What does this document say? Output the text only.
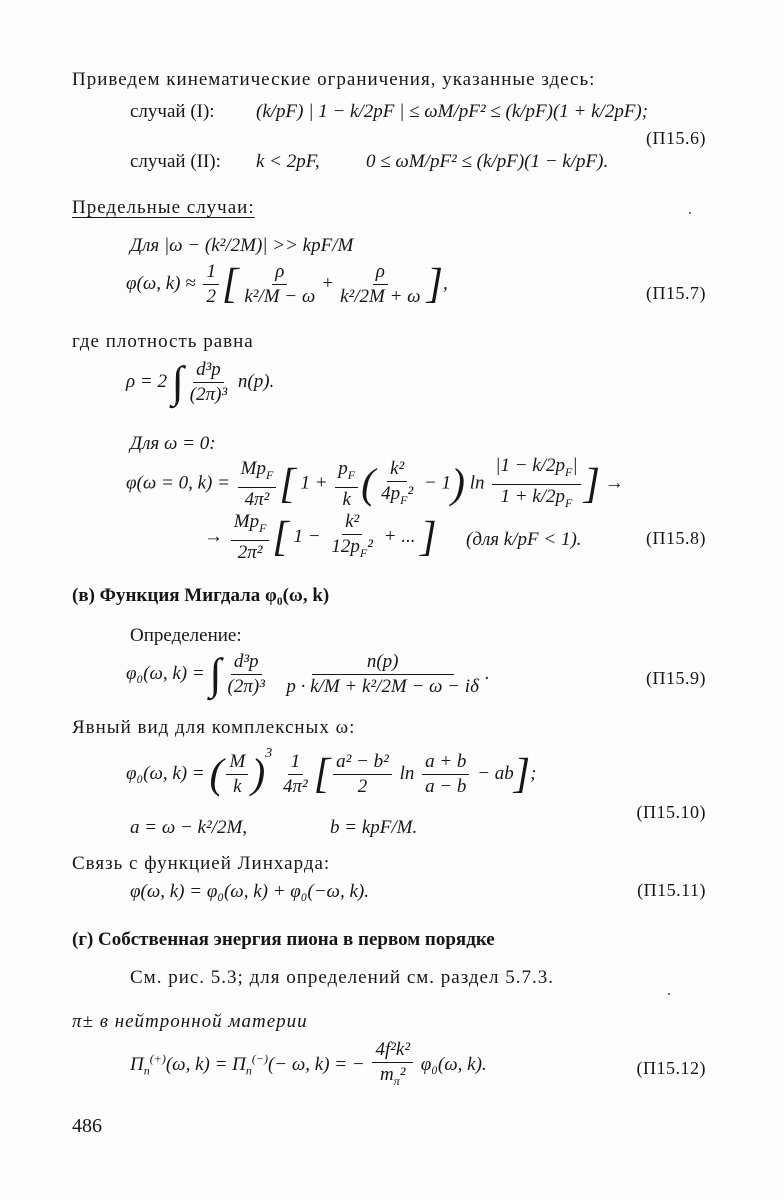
Приведем кинематические ограничения, указанные здесь:
случай (I): (k/pF) | 1 − k/2pF | ≤ ωM/pF² ≤ (k/pF)(1 + k/2pF);
(П15.6)
случай (II): k < 2pF, 0 ≤ ωM/pF² ≤ (k/pF)(1 − k/pF).
Предельные случаи:
Для |ω − (k²/2M)| >> kpF/M
φ(ω, $k) \approx \frac{1}{2}$ [ $\frac{\rho}{\text{k²/M − ω}} + \frac{\rho}{\text{k²/2M + ω}}$ ],	(П15.7)
где плотность равна
ρ = 2 ∫ $\frac{\text{d³p}}{\text{(2π)³}} n(p)$.
Для ω = 0:
φ(ω = 0, $k) = \frac{Mp_F}{\text{4π²}}$ [ $1 + \frac{p_F}{k}$ ( $\frac{\text{k²}}{4p_F^2} - 1$) $\ln \frac{|1 - k/2p_F|}{1 + k/2p_F}$ ] →
→ $\frac{Mp_F}{\text{2π²}}$ [ $1 - \frac{\text{k²}}{12p_F^2}$ + ... ] (для k/pF < 1).	(П15.8)
(в) Функция Мигдала φ₀(ω, k)
Определение:
φ₀(ω, k) = ∫ $\frac{\text{d³p}}{\text{(2π)³}}$
$\frac{n(p)}{\text{p · k/M + k²/2M − ω − iδ}}$ .	(П15.9)
Явный вид для комплексных ω:
φ₀(ω, k) = ( $\frac{M}{k} )^3 \frac{1}{\text{4π²}}$ [ $\frac{\text{a² − b²}}{2}$ $\ln \frac{a + b}{a - b} - ab$];
a = ω − k²/2M,	b = kpF/M.
(П15.10)
Связь с функцией Линхарда:
φ(ω, k) = φ₀(ω, k) + φ₀(−ω, k).	(П15.11)
(г) Собственная энергия пиона в первом порядке
См. рис. 5.3; для определений см. раздел 5.7.3.
π± в нейтронной материи
$\Pi_n^{(+)}(\omega$, $k) = \Pi_n^{(-)}(- \omega$, k) = − $\frac{\text{4f²k²}}{m_\pi^2} \varphi_0(\omega$, k).	(П15.12)
486
